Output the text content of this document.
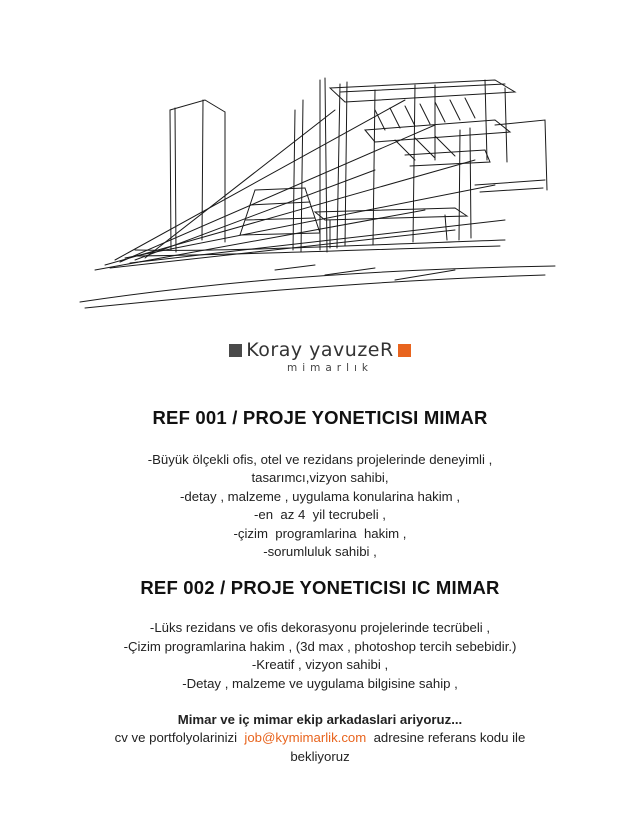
Koray yavuzeR
mimarlık
REF 001 / PROJE YONETICISI MIMAR
-Büyük ölçekli ofis, otel ve rezidans projelerinde deneyimli ,
tasarımcı,vizyon sahibi,
-detay , malzeme , uygulama konularina hakim ,
-en  az 4  yil tecrubeli ,
-çizim  programlarina  hakim ,
-sorumluluk sahibi ,
REF 002 / PROJE YONETICISI IC MIMAR
-Lüks rezidans ve ofis dekorasyonu projelerinde tecrübeli ,
-Çizim programlarina hakim , (3d max , photoshop tercih sebebidir.)
-Kreatif , vizyon sahibi ,
-Detay , malzeme ve uygulama bilgisine sahip ,
Mimar ve iç mimar ekip arkadaslari ariyoruz...
cv ve portfolyolarinizi  job@kymimarlik.com  adresine referans kodu ile
bekliyoruz
